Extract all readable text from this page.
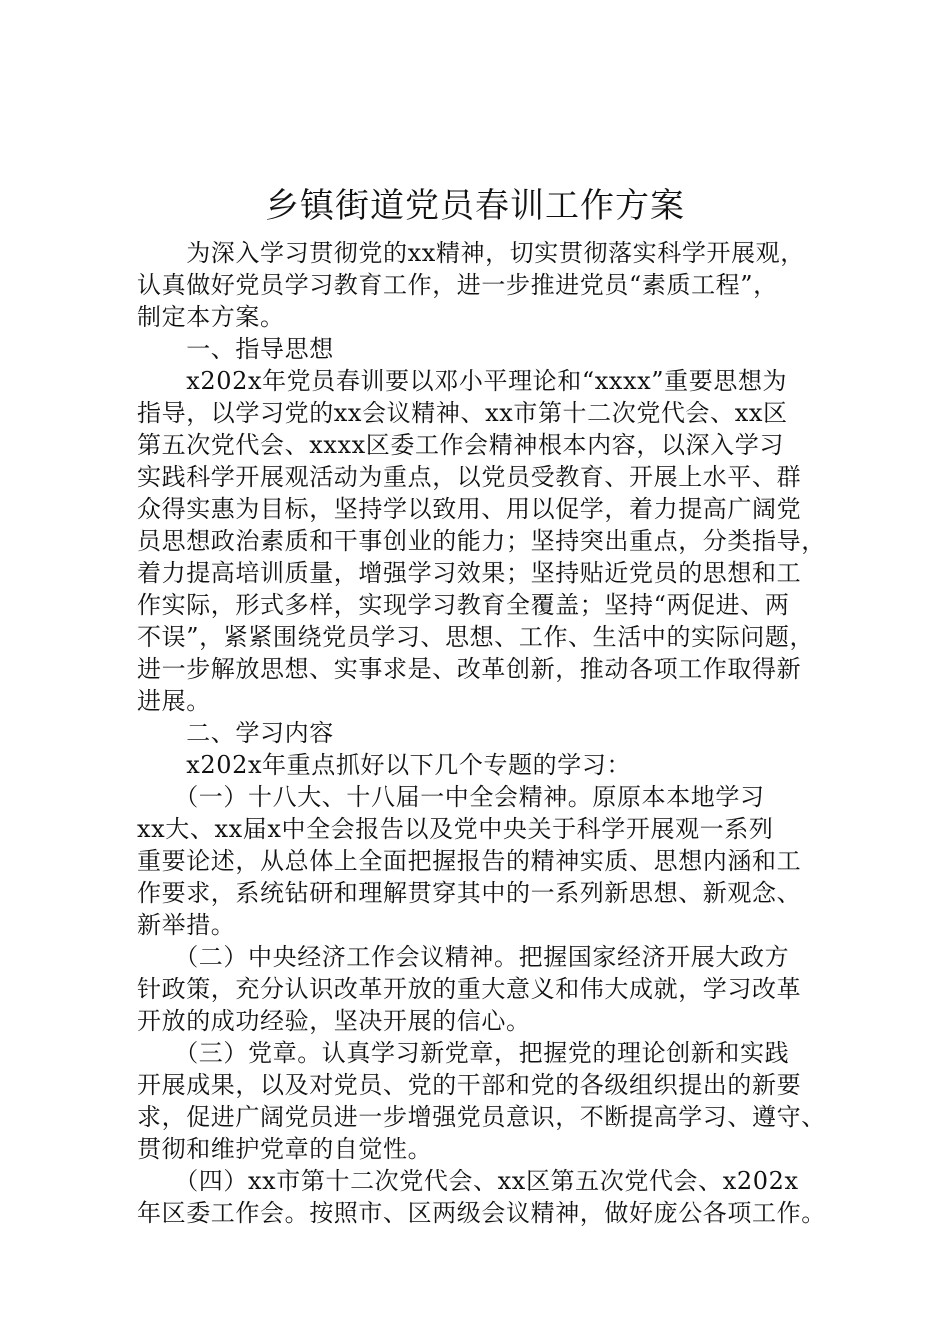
乡镇街道党员春训工作方案
　　为深入学习贯彻党的xx精神，切实贯彻落实科学开展观，
认真做好党员学习教育工作，进一步推进党员“素质工程”，
制定本方案。
　　一、指导思想
　　x202x年党员春训要以邓小平理论和“xxxx”重要思想为
指导，以学习党的xx会议精神、xx市第十二次党代会、xx区
第五次党代会、xxxx区委工作会精神根本内容，以深入学习
实践科学开展观活动为重点，以党员受教育、开展上水平、群
众得实惠为目标，坚持学以致用、用以促学，着力提高广阔党
员思想政治素质和干事创业的能力；坚持突出重点，分类指导，
着力提高培训质量，增强学习效果；坚持贴近党员的思想和工
作实际，形式多样，实现学习教育全覆盖；坚持“两促进、两
不误”，紧紧围绕党员学习、思想、工作、生活中的实际问题，
进一步解放思想、实事求是、改革创新，推动各项工作取得新
进展。
　　二、学习内容
　　x202x年重点抓好以下几个专题的学习：
　　（一）十八大、十八届一中全会精神。原原本本地学习
xx大、xx届x中全会报告以及党中央关于科学开展观一系列
重要论述，从总体上全面把握报告的精神实质、思想内涵和工
作要求，系统钻研和理解贯穿其中的一系列新思想、新观念、
新举措。
　　（二）中央经济工作会议精神。把握国家经济开展大政方
针政策，充分认识改革开放的重大意义和伟大成就，学习改革
开放的成功经验，坚决开展的信心。
　　（三）党章。认真学习新党章，把握党的理论创新和实践
开展成果，以及对党员、党的干部和党的各级组织提出的新要
求，促进广阔党员进一步增强党员意识，不断提高学习、遵守、
贯彻和维护党章的自觉性。
　　（四）xx市第十二次党代会、xx区第五次党代会、x202x
年区委工作会。按照市、区两级会议精神，做好庞公各项工作。
